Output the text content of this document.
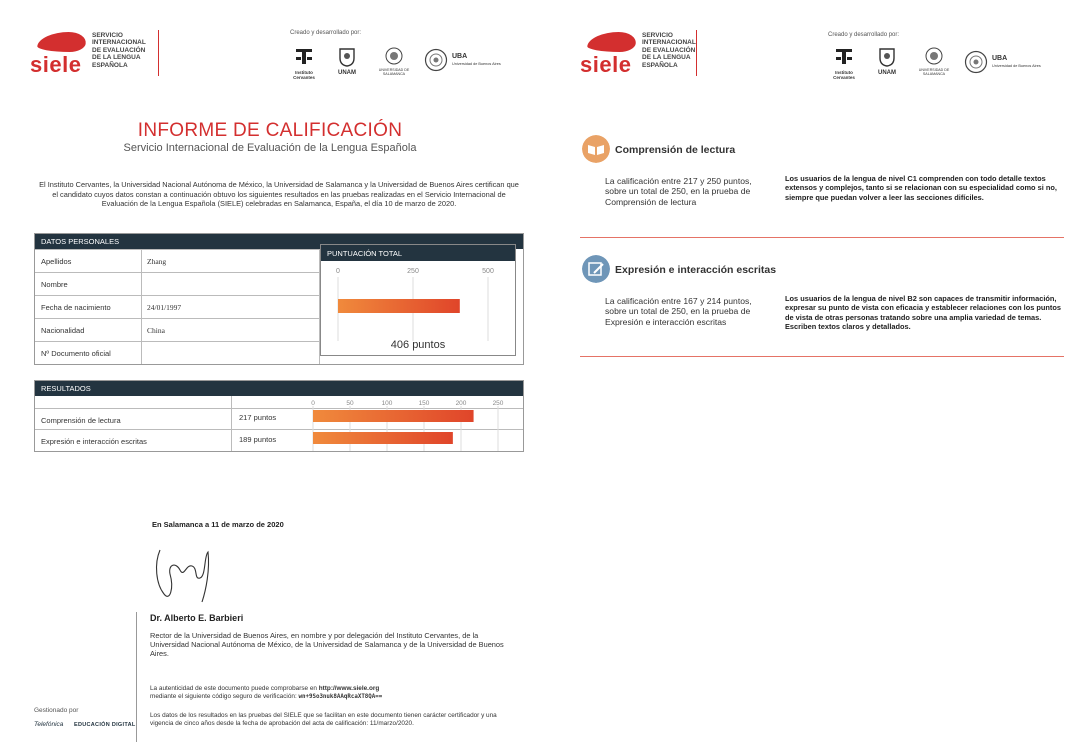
siele
SERVICIO
INTERNACIONAL
DE EVALUACIÓN
DE LA LENGUA
ESPAÑOLA
Creado y desarrollado por:
Instituto Cervantes
UNAM	UNIVERSIDAD DE SALAMANCA
UBA
Universidad de Buenos Aires
INFORME DE CALIFICACIÓN
Servicio Internacional de Evaluación de la Lengua Española
El Instituto Cervantes, la Universidad Nacional Autónoma de México, la Universidad de Salamanca y la Universidad de Buenos Aires certifican que el candidato cuyos datos constan a continuación obtuvo los siguientes resultados en las pruebas realizadas en el Servicio Internacional de Evaluación de la Lengua Española (SIELE) celebradas en Salamanca, España, el día 10 de marzo de 2020.
DATOS PERSONALES
Apellidos	Zhang
Nombre
Fecha de nacimiento	24/01/1997
Nacionalidad	China
Nº Documento oficial
PUNTUACIÓN TOTAL
0	250	500
406 puntos
RESULTADOS
Comprensión de lectura	217 puntos
Expresión e interacción escritas	189 puntos
0	50	100	150	200	250
En Salamanca a 11 de marzo de 2020
Dr. Alberto E. Barbieri
Rector de la Universidad de Buenos Aires, en nombre y por delegación del Instituto Cervantes, de la Universidad Nacional Autónoma de México, de la Universidad de Salamanca y de la Universidad de Buenos Aires.
La autenticidad de este documento puede comprobarse en http://www.siele.org
mediante el siguiente código seguro de verificación: wn+9So3nuk8AAqRcaXT8QA==
Los datos de los resultados en las pruebas del SIELE que se facilitan en este documento tienen carácter certificador y una vigencia de cinco años desde la fecha de aprobación del acta de calificación: 11/marzo/2020.
Gestionado por
Telefónica EDUCACIÓN DIGITAL
siele
SERVICIO
INTERNACIONAL
DE EVALUACIÓN
DE LA LENGUA
ESPAÑOLA
Creado y desarrollado por:
Instituto Cervantes
UNAM	UNIVERSIDAD DE SALAMANCA
UBA
Universidad de Buenos Aires
Comprensión de lectura
La calificación entre 217 y 250 puntos, sobre un total de 250, en la prueba de Comprensión de lectura
Los usuarios de la lengua de nivel C1 comprenden con todo detalle textos extensos y complejos, tanto si se relacionan con su especialidad como si no, siempre que puedan volver a leer las secciones difíciles.
Expresión e interacción escritas
La calificación entre 167 y 214 puntos, sobre un total de 250, en la prueba de Expresión e interacción escritas
Los usuarios de la lengua de nivel B2 son capaces de transmitir información, expresar su punto de vista con eficacia y establecer relaciones con los puntos de vista de otras personas tratando sobre una amplia variedad de temas. Escriben textos claros y detallados.
